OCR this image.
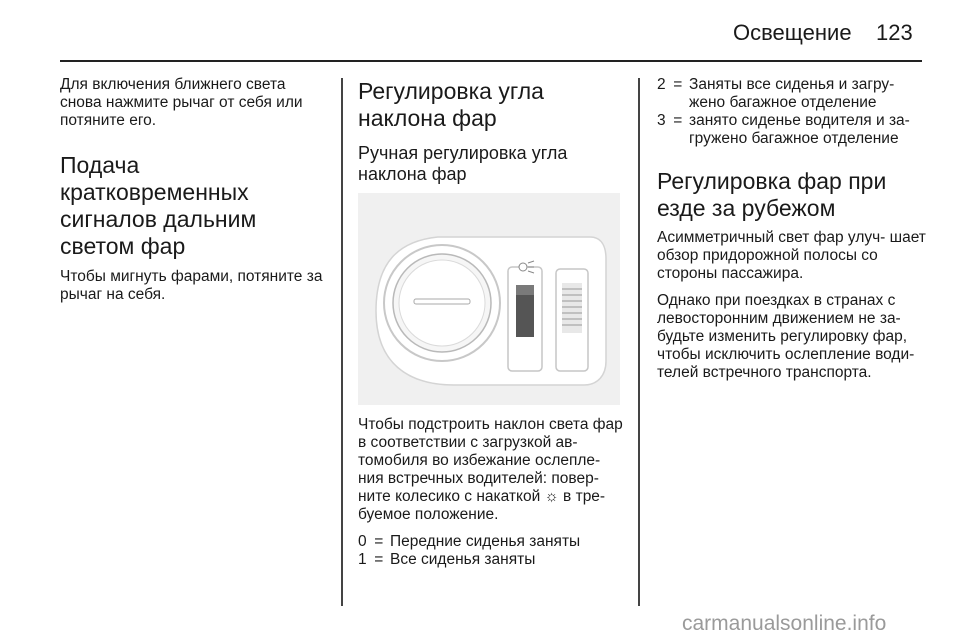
Освещение 123

Для включения ближнего света снова нажмите рычаг от себя или потяните его.

Подача кратковременных сигналов дальним светом фар

Чтобы мигнуть фарами, потяните за рычаг на себя.

Регулировка угла наклона фар
Ручная регулировка угла наклона фар

Чтобы подстроить наклон света фар в соответствии с загрузкой ав- томобиля во избежание ослепле- ния встречных водителей: повер- ните колесико с накаткой ☼ в тре- буемое положение.

0 = Передние сиденья заняты
1 = Все сиденья заняты
2 = Заняты все сиденья и загру- жено багажное отделение
3 = занято сиденье водителя и за- гружено багажное отделение
Регулировка фар при езде за рубежом

Асимметричный свет фар улуч- шает обзор придорожной полосы со стороны пассажира.

Однако при поездках в странах с левосторонним движением не за- будьте изменить регулировку фар, чтобы исключить ослепление води- телей встречного транспорта.

carmanualsonline.info
